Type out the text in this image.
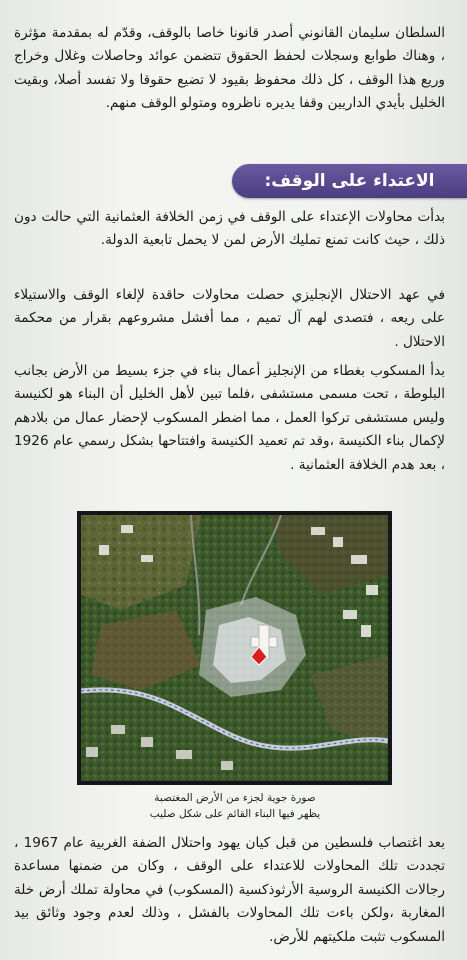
السلطان سليمان القانوني أصدر قانونا خاصا بالوقف، وقدّم له بمقدمة مؤثرة ، وهناك طوابع وسجلات لحفظ الحقوق تتضمن عوائد وحاصلات وغلال وخراج وريع هذا الوقف ، كل ذلك محفوظ بقيود لا تضيع حقوقا ولا تفسد أصلا، وبقيت الخليل بأيدي الداريين وقفا يديره ناظروه ومتولو الوقف منهم.

الاعتداء على الوقف:

بدأت محاولات الإعتداء على الوقف في زمن الخلافة العثمانية التي حالت دون ذلك ، حيث كانت تمنع تمليك الأرض لمن لا يحمل تابعية الدولة.

في عهد الاحتلال الإنجليزي حصلت محاولات حاقدة لإلغاء الوقف والاستيلاء على ريعه ، فتصدى لهم آل تميم ، مما أفشل مشروعهم بقرار من محكمة الاحتلال .

بدأ المسكوب بغطاء من الإنجليز أعمال بناء في جزء بسيط من الأرض بجانب البلوطة ، تحت مسمى مستشفى ،فلما تبين لأهل الخليل أن البناء هو لكنيسة وليس مستشفى تركوا العمل ، مما اضطر المسكوب لإحضار عمال من بلادهم لإكمال بناء الكنيسة ،وقد تم تعميد الكنيسة وافتتاحها بشكل رسمي عام 1926 ، بعد هدم الخلافة العثمانية .

صورة جوية لجزء من الأرض المغتصبة
يظهر فيها البناء القائم على شكل صليب

بعد اغتصاب فلسطين من قبل كيان يهود واحتلال الضفة الغربية عام 1967 ، تجددت تلك المحاولات للاعتداء على الوقف ، وكان من ضمنها مساعدة رجالات الكنيسة الروسية الأرثوذكسية (المسكوب) في محاولة تملك أرض خلة المغاربة ،ولكن باءت تلك المحاولات بالفشل ، وذلك لعدم وجود وثائق بيد المسكوب تثبت ملكيتهم للأرض.
